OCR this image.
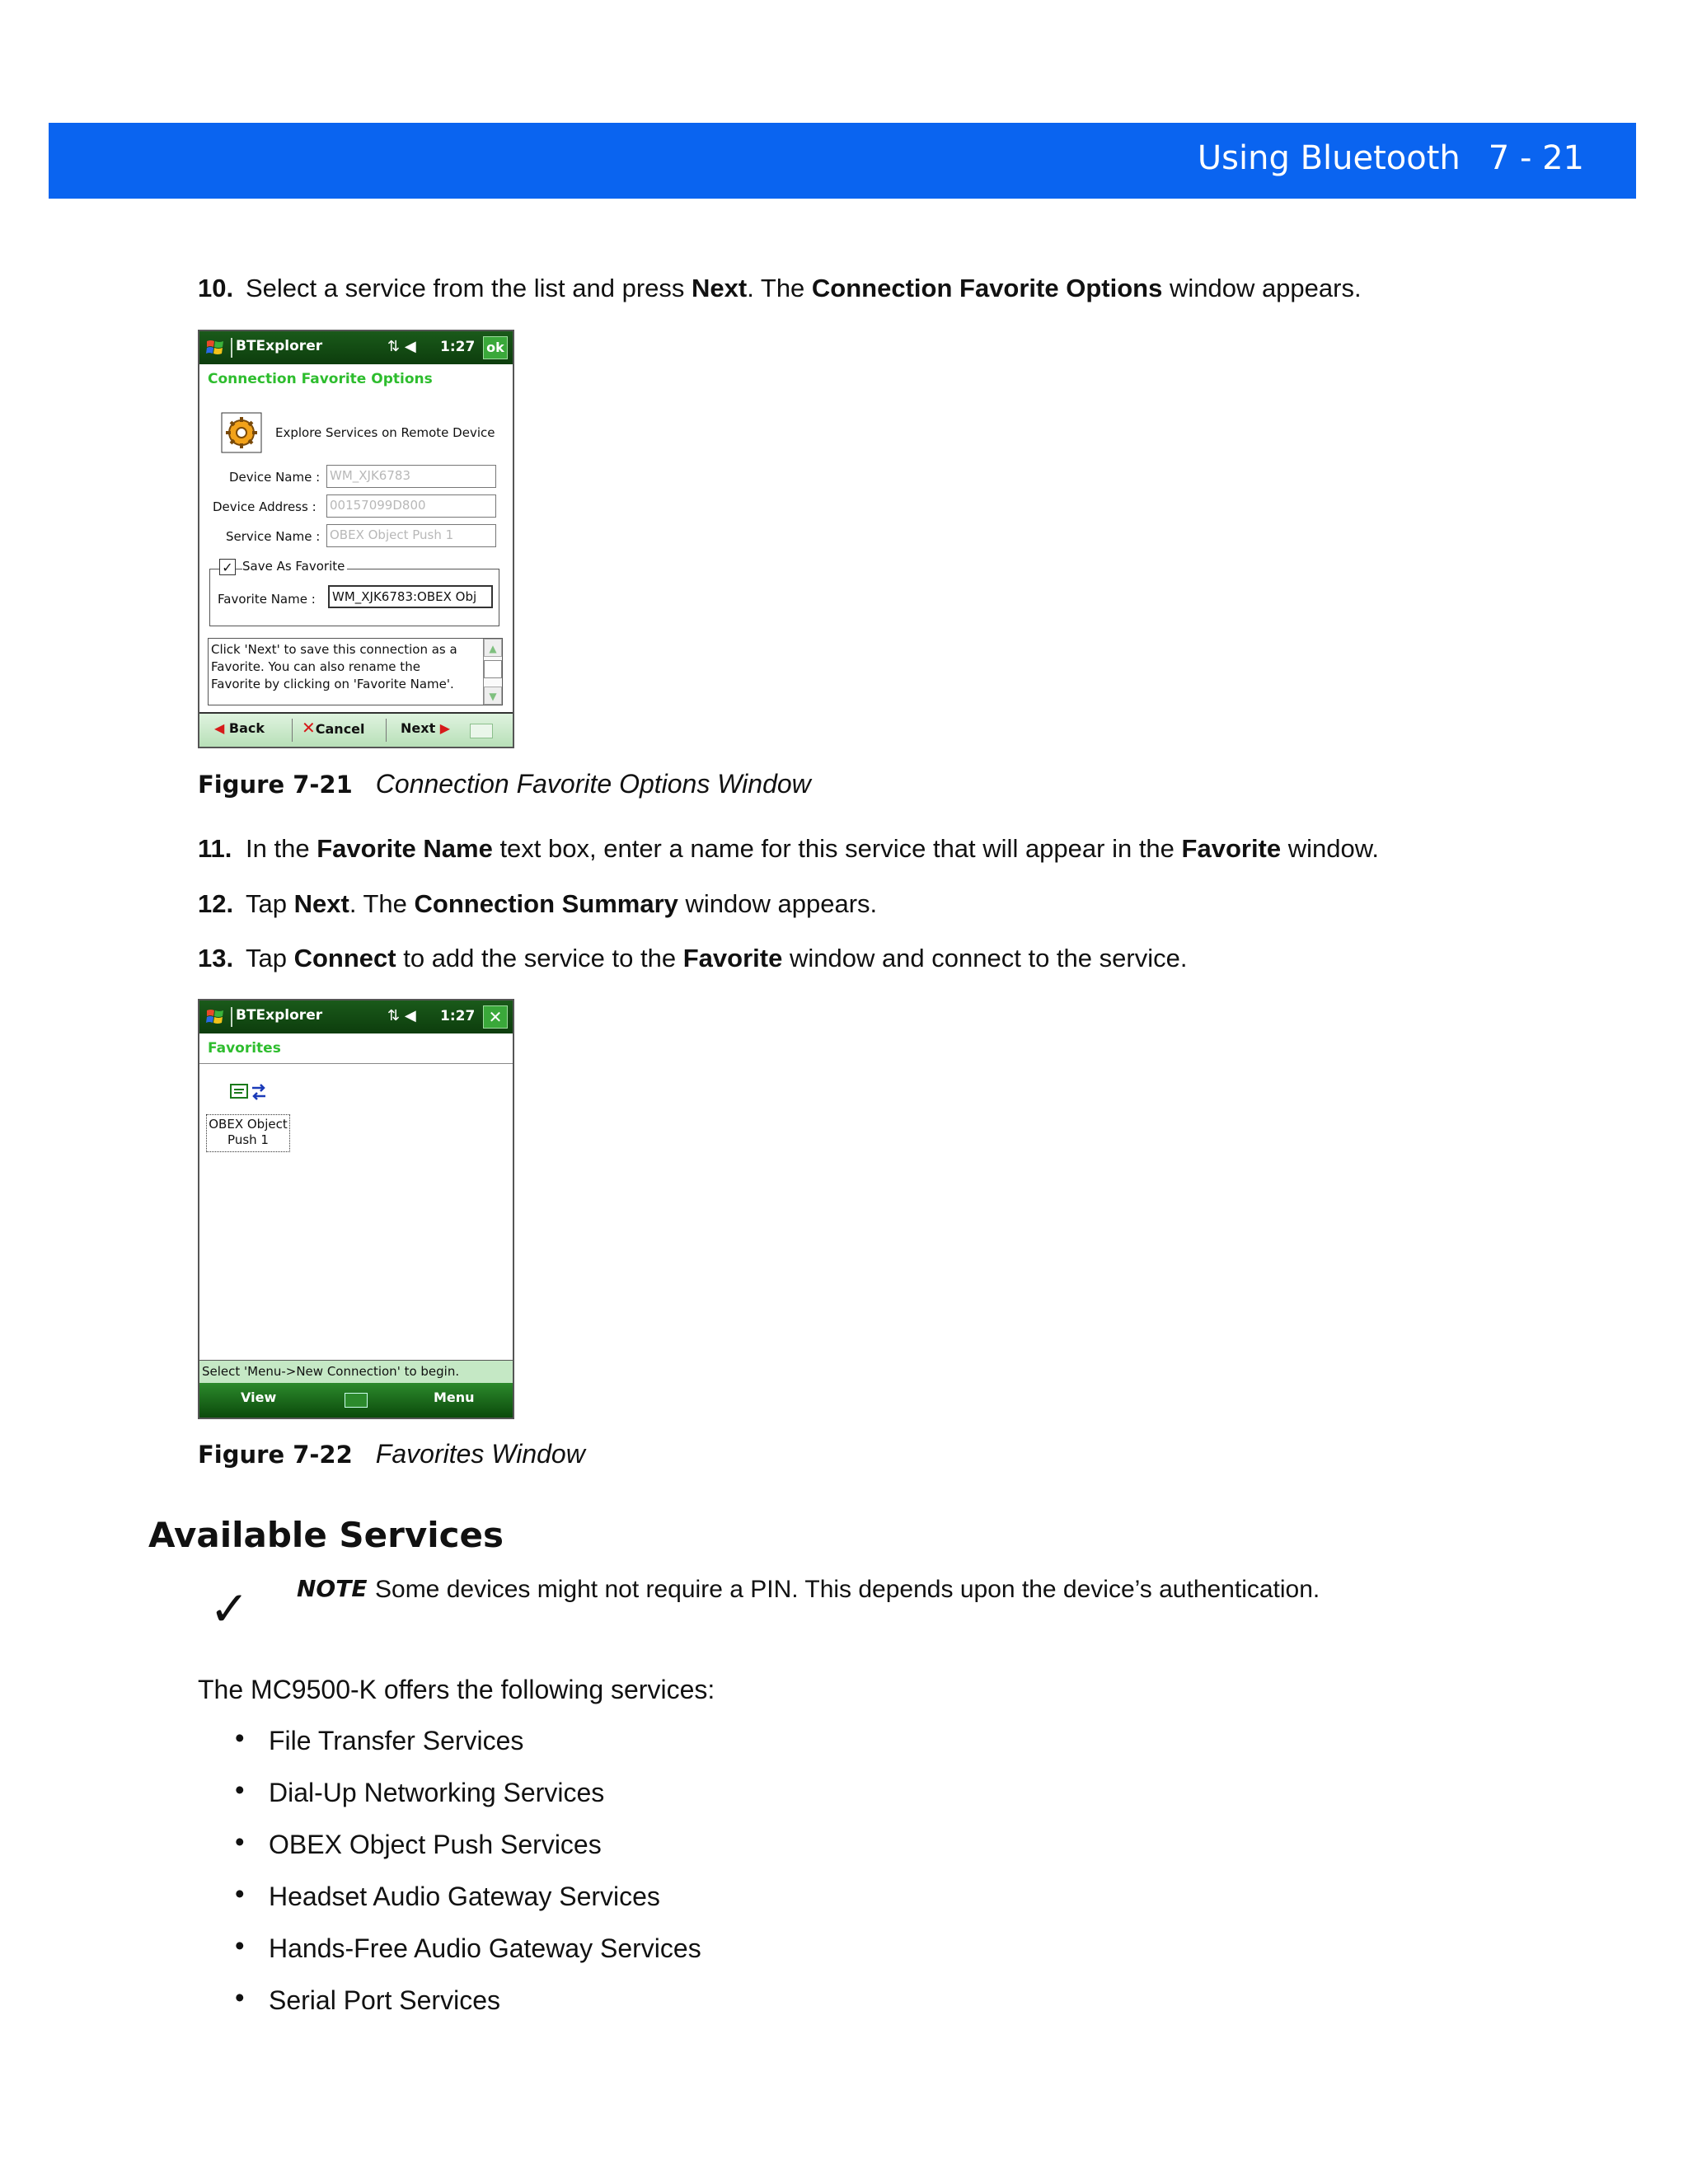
Using Bluetooth 7 - 21
10. Select a service from the list and press Next. The Connection Favorite Options window appears.
BTExplorer	⇅ ◀ 1:27 ok
Connection Favorite Options
Explore Services on Remote Device
Device Name : WM_XJK6783
Device Address : 00157099D800
Service Name : OBEX Object Push 1
✓ Save As Favorite
Favorite Name :	WM_XJK6783:OBEX Obj
Click 'Next' to save this connection as a
Favorite. You can also rename the
Favorite by clicking on 'Favorite Name'.
▲
▼
◀ Back ✕Cancel	Next ▶
Figure 7-21 Connection Favorite Options Window
11. In the Favorite Name text box, enter a name for this service that will appear in the Favorite window.
12. Tap Next. The Connection Summary window appears.
13. Tap Connect to add the service to the Favorite window and connect to the service.
BTExplorer	⇅ ◀ 1:27 ✕
Favorites
OBEX Object
Push 1
Select 'Menu->New Connection' to begin.
View	Menu
Figure 7-22 Favorites Window
Available Services
✓ NOTE Some devices might not require a PIN. This depends upon the device’s authentication.
The MC9500-K offers the following services:
• File Transfer Services
• Dial-Up Networking Services
• OBEX Object Push Services
• Headset Audio Gateway Services
• Hands-Free Audio Gateway Services
• Serial Port Services
